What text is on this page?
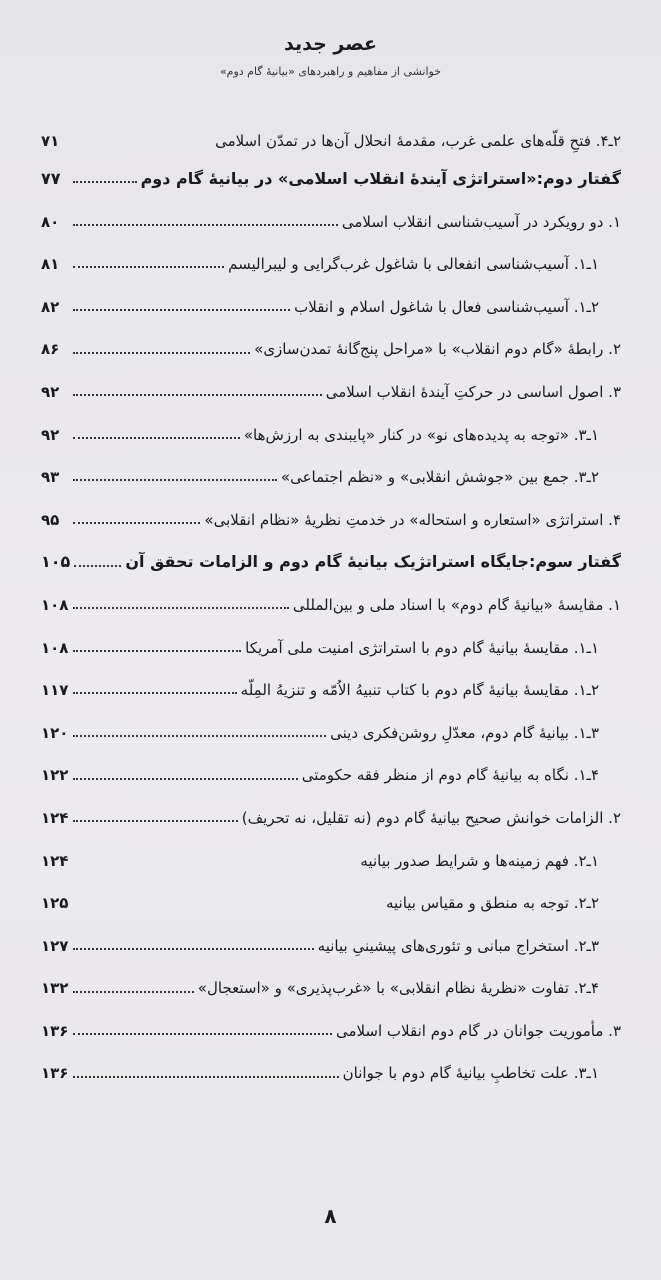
عصر جدید
خوانشی از مفاهیم و راهبردهای «بیانیهٔ گام دوم»
۲ـ۴. فتحِ قلّه‌های علمی غرب، مقدمهٔ انحلال آن‌ها در تمدّن اسلامی
۷۱
گفتار دوم:«استراتژی آیندهٔ انقلاب اسلامی» در بیانیهٔ گام دوم
۷۷
۱. دو رویکرد در آسیب‌شناسی انقلاب اسلامی
۸۰
۱ـ۱. آسیب‌شناسی انفعالی با شاغول غرب‌گرایی و لیبرالیسم
۸۱
۲ـ۱. آسیب‌شناسی فعال با شاغول اسلام و انقلاب
۸۲
۲. رابطهٔ «گام دوم انقلاب» با «مراحل پنج‌گانهٔ تمدن‌سازی»
۸۶
۳. اصول اساسی در حرکتِ آیندهٔ انقلاب اسلامی
۹۲
۱ـ۳. «توجه به پدیده‌های نو» در کنار «پایبندی به ارزش‌ها»
۹۲
۲ـ۳. جمع بین «جوشش انقلابی» و «نظم اجتماعی»
۹۳
۴. استراتژی «استعاره و استحاله» در خدمتِ نظریهٔ «نظام انقلابی»
۹۵
گفتار سوم:جایگاه استراتژیک بیانیهٔ گام دوم و الزامات تحقق آن
۱۰۵
۱. مقایسهٔ «بیانیهٔ گام دوم» با اسناد ملی و بین‌المللی
۱۰۸
۱ـ۱. مقایسهٔ بیانیهٔ گام دوم با استراتژی امنیت ملی آمریکا
۱۰۸
۲ـ۱. مقایسهٔ بیانیهٔ گام دوم با کتاب تنبیهُ الاُمّه و تنزیهُ المِلّه
۱۱۷
۳ـ۱. بیانیهٔ گام دوم، معدّلِ روشن‌فکری دینی
۱۲۰
۴ـ۱. نگاه به بیانیهٔ گام دوم از منظر فقه حکومتی
۱۲۲
۲. الزامات خوانش صحیح بیانیهٔ گام دوم (نه تقلیل، نه تحریف)
۱۲۴
۱ـ۲. فهم زمینه‌ها و شرایط صدور بیانیه
۱۲۴
۲ـ۲. توجه به منطق و مقیاس بیانیه
۱۲۵
۳ـ۲. استخراج مبانی و تئوری‌های پیشینیِ بیانیه
۱۲۷
۴ـ۲. تفاوت «نظریهٔ نظام انقلابی» با «غرب‌پذیری» و «استعجال»
۱۳۲
۳. مأموریت جوانان در گام دوم انقلاب اسلامی
۱۳۶
۱ـ۳. علت تخاطبِ بیانیهٔ گام دوم با جوانان
۱۳۶
۸
